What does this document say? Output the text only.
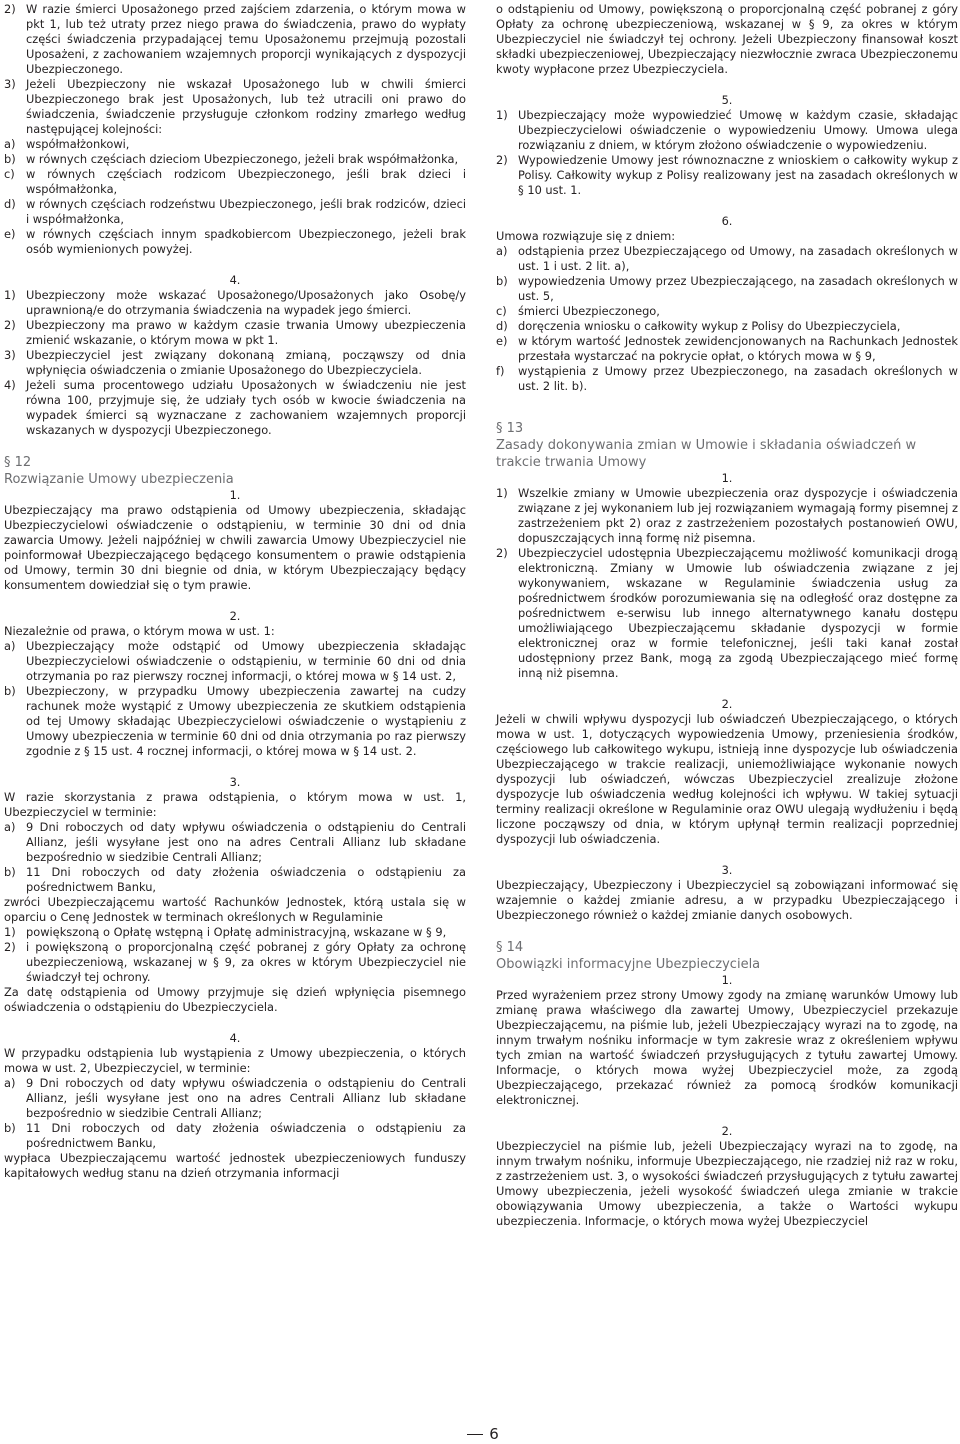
2) W razie śmierci Uposażonego przed zajściem zdarzenia, o którym mowa w pkt 1, lub też utraty przez niego prawa do świadczenia, prawo do wypłaty części świadczenia przypadającej temu Uposażonemu przejmują pozostali Uposażeni, z zachowaniem wzajemnych proporcji wynikających z dyspozycji Ubezpieczonego.
3) Jeżeli Ubezpieczony nie wskazał Uposażonego lub w chwili śmierci Ubezpieczonego brak jest Uposażonych, lub też utracili oni prawo do świadczenia, świadczenie przysługuje członkom rodziny zmarłego według następującej kolejności:
a) współmałżonkowi,
b) w równych częściach dzieciom Ubezpieczonego, jeżeli brak współmałżonka,
c) w równych częściach rodzicom Ubezpieczonego, jeśli brak dzieci i współmałżonka,
d) w równych częściach rodzeństwu Ubezpieczonego, jeśli brak rodziców, dzieci i współmałżonka,
e) w równych częściach innym spadkobiercom Ubezpieczonego, jeżeli brak osób wymienionych powyżej.
4.
1) Ubezpieczony może wskazać Uposażonego/Uposażonych jako Osobę/y uprawnioną/e do otrzymania świadczenia na wypadek jego śmierci.
2) Ubezpieczony ma prawo w każdym czasie trwania Umowy ubezpieczenia zmienić wskazanie, o którym mowa w pkt 1.
3) Ubezpieczyciel jest związany dokonaną zmianą, począwszy od dnia wpłynięcia oświadczenia o zmianie Uposażonego do Ubezpieczyciela.
4) Jeżeli suma procentowego udziału Uposażonych w świadczeniu nie jest równa 100, przyjmuje się, że udziały tych osób w kwocie świadczenia na wypadek śmierci są wyznaczane z zachowaniem wzajemnych proporcji wskazanych w dyspozycji Ubezpieczonego.
§ 12
Rozwiązanie Umowy ubezpieczenia
1.

Ubezpieczający ma prawo odstąpienia od Umowy ubezpieczenia, składając Ubezpieczycielowi oświadczenie o odstąpieniu, w terminie 30 dni od dnia zawarcia Umowy. Jeżeli najpóźniej w chwili zawarcia Umowy Ubezpieczyciel nie poinformował Ubezpieczającego będącego konsumentem o prawie odstąpienia od Umowy, termin 30 dni biegnie od dnia, w którym Ubezpieczający będący konsumentem dowiedział się o tym prawie.

2.

Niezależnie od prawa, o którym mowa w ust. 1:

a) Ubezpieczający może odstąpić od Umowy ubezpieczenia składając Ubezpieczycielowi oświadczenie o odstąpieniu, w terminie 60 dni od dnia otrzymania po raz pierwszy rocznej informacji, o której mowa w § 14 ust. 2,
b) Ubezpieczony, w przypadku Umowy ubezpieczenia zawartej na cudzy rachunek może wystąpić z Umowy ubezpieczenia ze skutkiem odstąpienia od tej Umowy składając Ubezpieczycielowi oświadczenie o wystąpieniu z Umowy ubezpieczenia w terminie 60 dni od dnia otrzymania po raz pierwszy zgodnie z § 15 ust. 4 rocznej informacji, o której mowa w § 14 ust. 2.
3.

W razie skorzystania z prawa odstąpienia, o którym mowa w ust. 1, Ubezpieczyciel w terminie:

a) 9 Dni roboczych od daty wpływu oświadczenia o odstąpieniu do Centrali Allianz, jeśli wysyłane jest ono na adres Centrali Allianz lub składane bezpośrednio w siedzibie Centrali Allianz;
b) 11 Dni roboczych od daty złożenia oświadczenia o odstąpieniu za pośrednictwem Banku,

zwróci Ubezpieczającemu wartość Rachunków Jednostek, którą ustala się w oparciu o Cenę Jednostek w terminach określonych w Regulaminie

1) powiększoną o Opłatę wstępną i Opłatę administracyjną, wskazane w § 9,
2) i powiększoną o proporcjonalną część pobranej z góry Opłaty za ochronę ubezpieczeniową, wskazanej w § 9, za okres w którym Ubezpieczyciel nie świadczył tej ochrony.

Za datę odstąpienia od Umowy przyjmuje się dzień wpłynięcia pisemnego oświadczenia o odstąpieniu do Ubezpieczyciela.

4.

W przypadku odstąpienia lub wystąpienia z Umowy ubezpieczenia, o których mowa w ust. 2, Ubezpieczyciel, w terminie:

a) 9 Dni roboczych od daty wpływu oświadczenia o odstąpieniu do Centrali Allianz, jeśli wysyłane jest ono na adres Centrali Allianz lub składane bezpośrednio w siedzibie Centrali Allianz;
b) 11 Dni roboczych od daty złożenia oświadczenia o odstąpieniu za pośrednictwem Banku,

wypłaca Ubezpieczającemu wartość jednostek ubezpieczeniowych funduszy kapitałowych według stanu na dzień otrzymania informacji

o odstąpieniu od Umowy, powiększoną o proporcjonalną część pobranej z góry Opłaty za ochronę ubezpieczeniową, wskazanej w § 9, za okres w którym Ubezpieczyciel nie świadczył tej ochrony. Jeżeli Ubezpieczony finansował koszt składki ubezpieczeniowej, Ubezpieczający niezwłocznie zwraca Ubezpieczonemu kwoty wypłacone przez Ubezpieczyciela.

5.
1) Ubezpieczający może wypowiedzieć Umowę w każdym czasie, składając Ubezpieczycielowi oświadczenie o wypowiedzeniu Umowy. Umowa ulega rozwiązaniu z dniem, w którym złożono oświadczenie o wypowiedzeniu.
2) Wypowiedzenie Umowy jest równoznaczne z wnioskiem o całkowity wykup z Polisy. Całkowity wykup z Polisy realizowany jest na zasadach określonych w § 10 ust. 1.
6.

Umowa rozwiązuje się z dniem:

a) odstąpienia przez Ubezpieczającego od Umowy, na zasadach określonych w ust. 1 i ust. 2 lit. a),
b) wypowiedzenia Umowy przez Ubezpieczającego, na zasadach określonych w ust. 5,
c) śmierci Ubezpieczonego,
d) doręczenia wniosku o całkowity wykup z Polisy do Ubezpieczyciela,
e) w którym wartość Jednostek zewidencjonowanych na Rachunkach Jednostek przestała wystarczać na pokrycie opłat, o których mowa w § 9,
f)	wystąpienia z Umowy przez Ubezpieczonego, na zasadach określonych w ust. 2 lit. b).
§ 13
Zasady dokonywania zmian w Umowie i składania oświadczeń w trakcie trwania Umowy
1.
1) Wszelkie zmiany w Umowie ubezpieczenia oraz dyspozycje i oświadczenia związane z jej wykonaniem lub jej rozwiązaniem wymagają formy pisemnej z zastrzeżeniem pkt 2) oraz z zastrzeżeniem pozostałych postanowień OWU, dopuszczających inną formę niż pisemna.
2) Ubezpieczyciel udostępnia Ubezpieczającemu możliwość komunikacji drogą elektroniczną. Zmiany w Umowie lub oświadczenia związane z jej wykonywaniem, wskazane w Regulaminie świadczenia usług za pośrednictwem środków porozumiewania się na odległość oraz dostępne za pośrednictwem e-serwisu lub innego alternatywnego kanału dostępu umożliwiającego Ubezpieczającemu składanie dyspozycji w formie elektronicznej oraz w formie telefonicznej, jeśli taki kanał został udostępniony przez Bank, mogą za zgodą Ubezpieczającego mieć formę inną niż pisemna.
2.

Jeżeli w chwili wpływu dyspozycji lub oświadczeń Ubezpieczającego, o których mowa w ust. 1, dotyczących wypowiedzenia Umowy, przeniesienia środków, częściowego lub całkowitego wykupu, istnieją inne dyspozycje lub oświadczenia Ubezpieczającego w trakcie realizacji, uniemożliwiające wykonanie nowych dyspozycji lub oświadczeń, wówczas Ubezpieczyciel zrealizuje złożone dyspozycje lub oświadczenia według kolejności ich wpływu. W takiej sytuacji terminy realizacji określone w Regulaminie oraz OWU ulegają wydłużeniu i będą liczone począwszy od dnia, w którym upłynął termin realizacji poprzedniej dyspozycji lub oświadczenia.

3.

Ubezpieczający, Ubezpieczony i Ubezpieczyciel są zobowiązani informować się wzajemnie o każdej zmianie adresu, a w przypadku Ubezpieczającego i Ubezpieczonego również o każdej zmianie danych osobowych.

§ 14
Obowiązki informacyjne Ubezpieczyciela
1.

Przed wyrażeniem przez strony Umowy zgody na zmianę warunków Umowy lub zmianę prawa właściwego dla zawartej Umowy, Ubezpieczyciel przekazuje Ubezpieczającemu, na piśmie lub, jeżeli Ubezpieczający wyrazi na to zgodę, na innym trwałym nośniku informacje w tym zakresie wraz z określeniem wpływu tych zmian na wartość świadczeń przysługujących z tytułu zawartej Umowy. Informacje, o których mowa wyżej Ubezpieczyciel może, za zgodą Ubezpieczającego, przekazać również za pomocą środków komunikacji elektronicznej.

2.

Ubezpieczyciel na piśmie lub, jeżeli Ubezpieczający wyrazi na to zgodę, na innym trwałym nośniku, informuje Ubezpieczającego, nie rzadziej niż raz w roku, z zastrzeżeniem ust. 3, o wysokości świadczeń przysługujących z tytułu zawartej Umowy ubezpieczenia, jeżeli wysokość świadczeń ulega zmianie w trakcie obowiązywania Umowy ubezpieczenia, a także o Wartości wykupu ubezpieczenia. Informacje, o których mowa wyżej Ubezpieczyciel

6
